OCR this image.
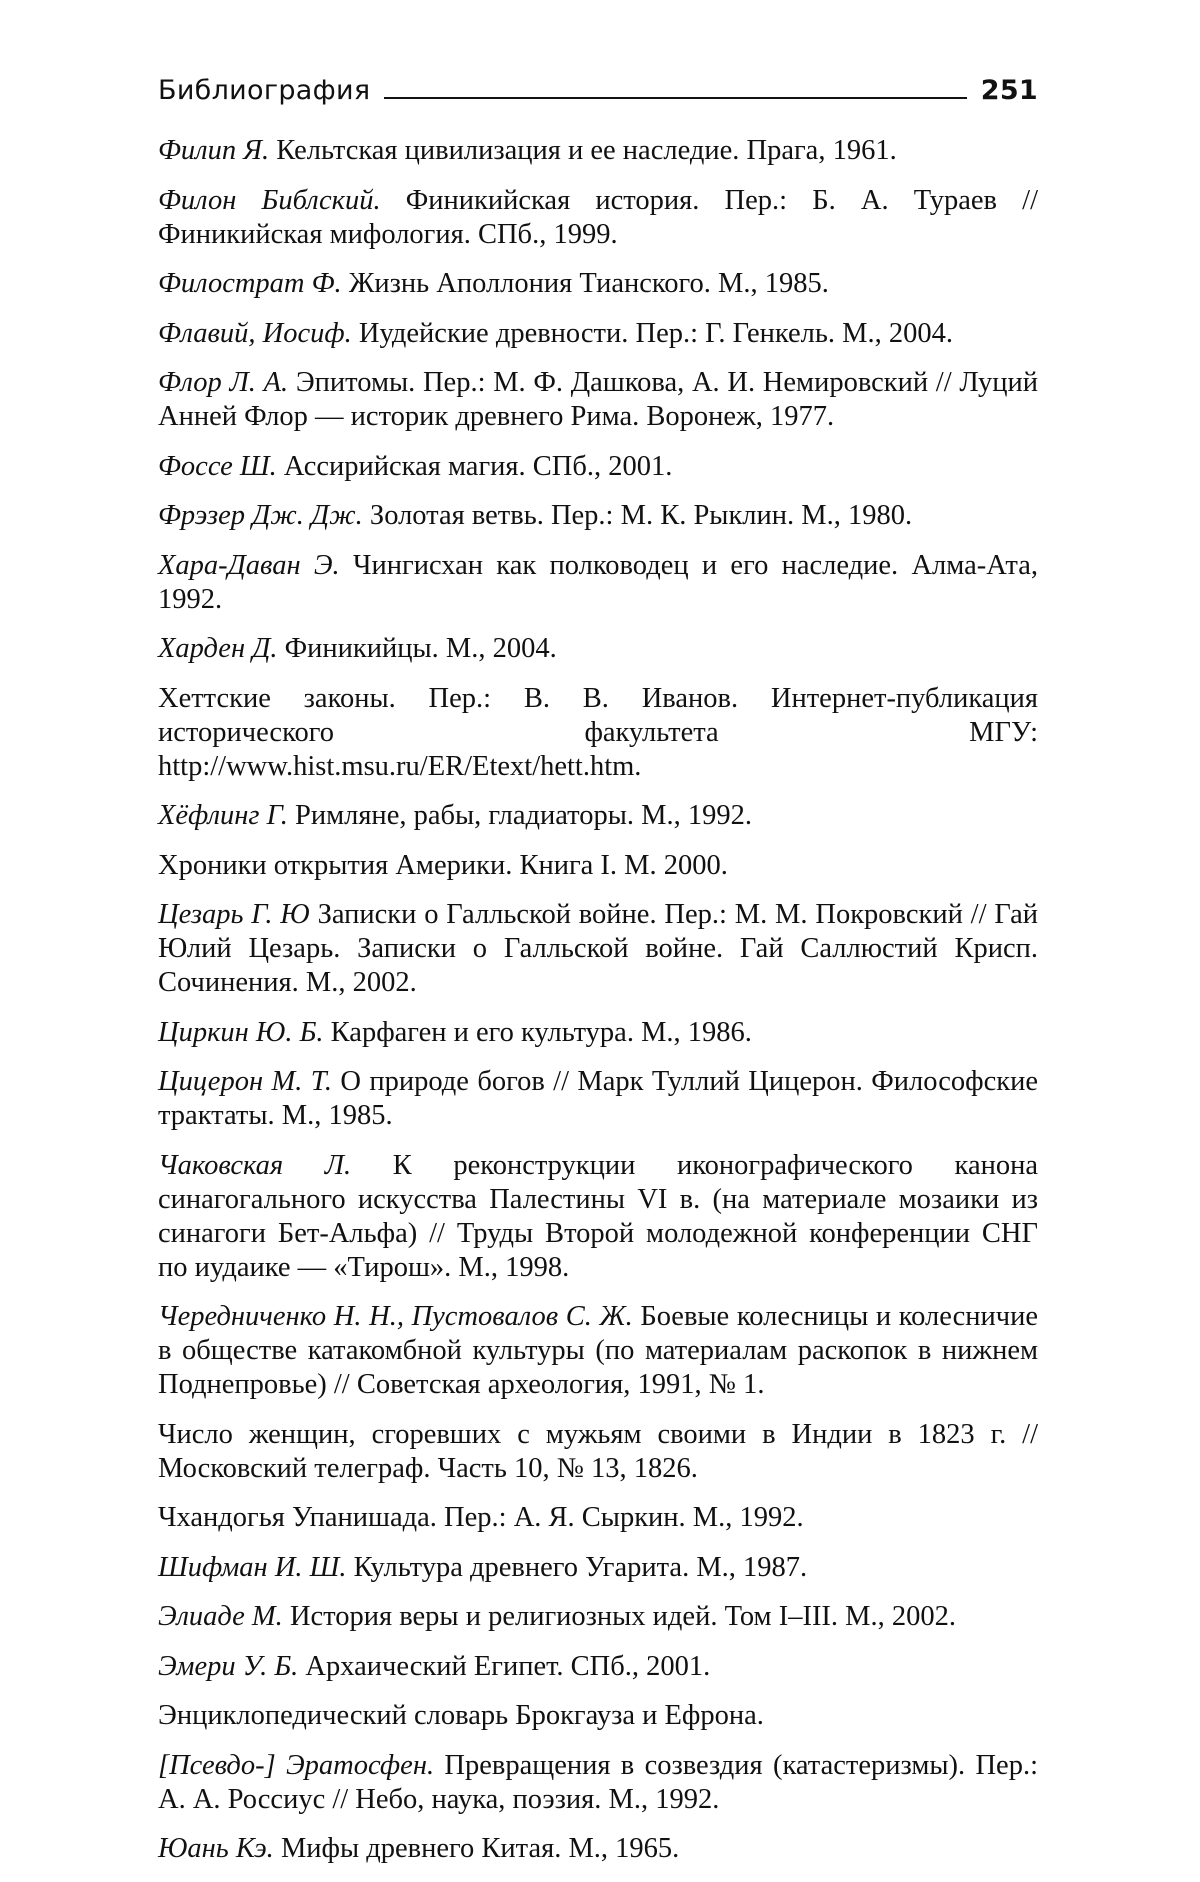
Библиография	251

Филип Я. Кельтская цивилизация и ее наследие. Прага, 1961.

Филон Библский. Финикийская история. Пер.: Б. А. Тураев // Финикийская мифология. СПб., 1999.

Филострат Ф. Жизнь Аполлония Тианского. М., 1985.

Флавий, Иосиф. Иудейские древности. Пер.: Г. Генкель. М., 2004.

Флор Л. А. Эпитомы. Пер.: М. Ф. Дашкова, А. И. Немировский // Луций Анней Флор — историк древнего Рима. Воронеж, 1977.

Фоссе Ш. Ассирийская магия. СПб., 2001.

Фрэзер Дж. Дж. Золотая ветвь. Пер.: М. К. Рыклин. М., 1980.

Хара-Даван Э. Чингисхан как полководец и его наследие. Алма-Ата, 1992.

Харден Д. Финикийцы. М., 2004.

Хеттские законы. Пер.: В. В. Иванов. Интернет-публикация исторического факультета МГУ: http://www.hist.msu.ru/ER/Etext/hett.htm.

Хёфлинг Г. Римляне, рабы, гладиаторы. М., 1992.

Хроники открытия Америки. Книга I. М. 2000.

Цезарь Г. Ю Записки о Галльской войне. Пер.: М. М. Покровский // Гай Юлий Цезарь. Записки о Галльской войне. Гай Саллюстий Крисп. Сочинения. М., 2002.

Циркин Ю. Б. Карфаген и его культура. М., 1986.

Цицерон М. Т. О природе богов // Марк Туллий Цицерон. Философские трактаты. М., 1985.

Чаковская Л. К реконструкции иконографического канона синагогального искусства Палестины VI в. (на материале мозаики из синагоги Бет-Альфа) // Труды Второй молодежной конференции СНГ по иудаике — «Тирош». М., 1998.

Чередниченко Н. Н., Пустовалов С. Ж. Боевые колесницы и колесничие в обществе катакомбной культуры (по материалам раскопок в нижнем Поднепровье) // Советская археология, 1991, № 1.

Число женщин, сгоревших с мужьям своими в Индии в 1823 г. // Московский телеграф. Часть 10, № 13, 1826.

Чхандогья Упанишада. Пер.: А. Я. Сыркин. М., 1992.

Шифман И. Ш. Культура древнего Угарита. М., 1987.

Элиаде М. История веры и религиозных идей. Том I–III. М., 2002.

Эмери У. Б. Архаический Египет. СПб., 2001.

Энциклопедический словарь Брокгауза и Ефрона.

[Псевдо-] Эратосфен. Превращения в созвездия (катастеризмы). Пер.: А. А. Россиус // Небо, наука, поэзия. М., 1992.

Юань Кэ. Мифы древнего Китая. М., 1965.
